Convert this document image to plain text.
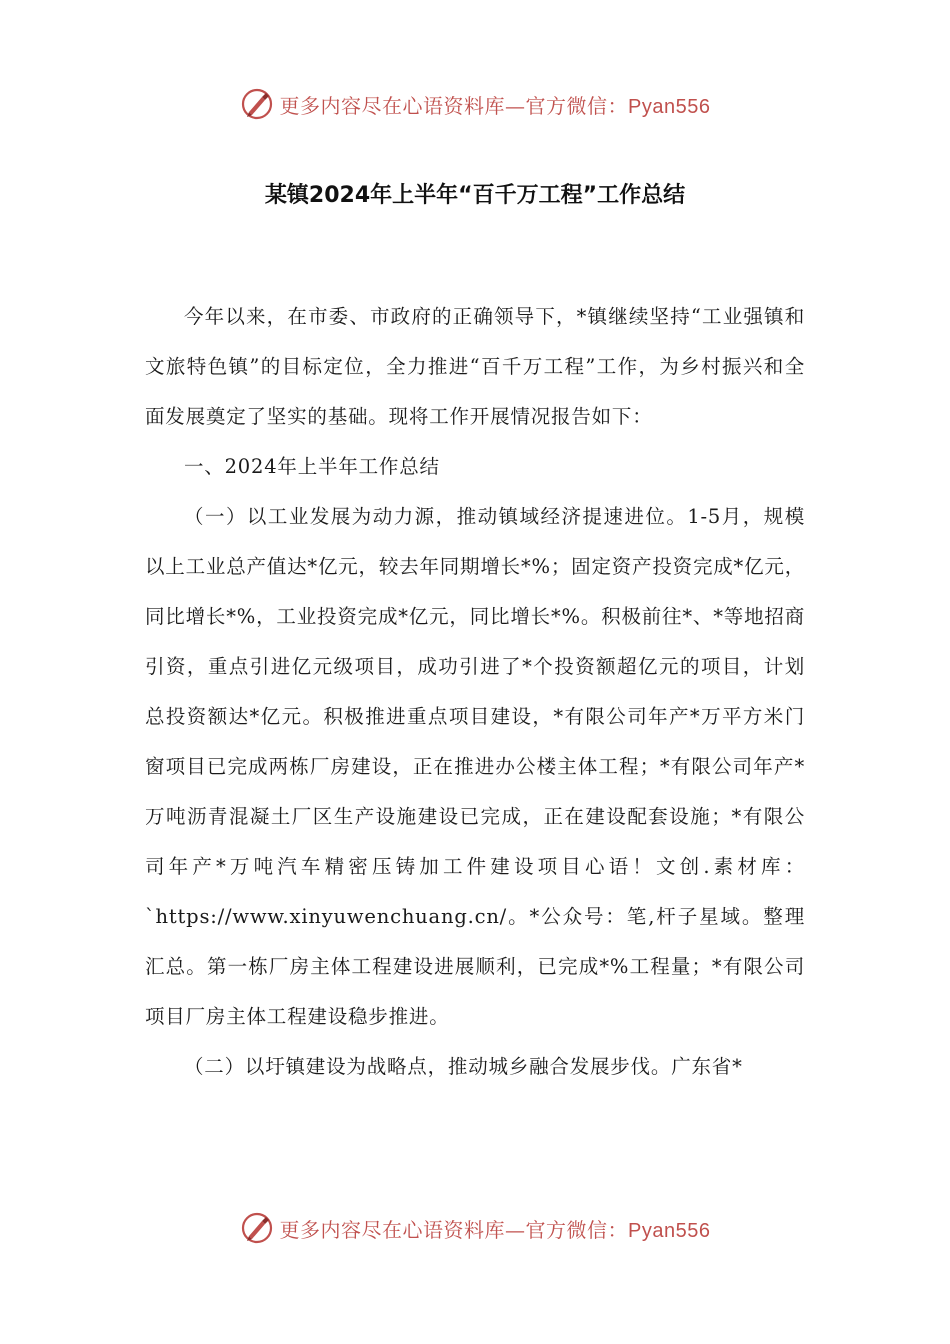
更多内容尽在心语资料库—官方微信：Pyan556
某镇2024年上半年“百千万工程”工作总结

今年以来，在市委、市政府的正确领导下，*镇继续坚持“工业强镇和文旅特色镇”的目标定位，全力推进“百千万工程”工作，为乡村振兴和全面发展奠定了坚实的基础。现将工作开展情况报告如下：

一、2024年上半年工作总结

（一）以工业发展为动力源，推动镇域经济提速进位。1-5月，规模以上工业总产值达*亿元，较去年同期增长*%；固定资产投资完成*亿元，同比增长*%，工业投资完成*亿元，同比增长*%。积极前往*、*等地招商引资，重点引进亿元级项目，成功引进了*个投资额超亿元的项目，计划总投资额达*亿元。积极推进重点项目建设，*有限公司年产*万平方米门窗项目已完成两栋厂房建设，正在推进办公楼主体工程；*有限公司年产*万吨沥青混凝土厂区生产设施建设已完成，正在建设配套设施；*有限公司年产*万吨汽车精密压铸加工件建设项目心语！文创.素材库：`https://www.xinyuwenchuang.cn/。*公众号：笔,杆子星域。整理汇总。第一栋厂房主体工程建设进展顺利，已完成*%工程量；*有限公司项目厂房主体工程建设稳步推进。

（二）以圩镇建设为战略点，推动城乡融合发展步伐。广东省*

更多内容尽在心语资料库—官方微信：Pyan556
